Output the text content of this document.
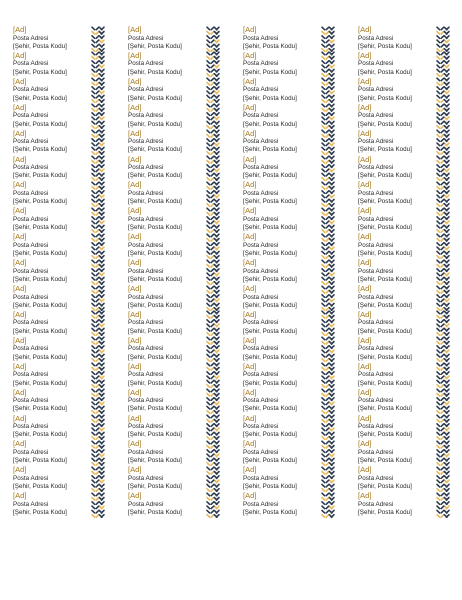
[Ad]
Posta Adresi
[Şehir, Posta Kodu]
[Ad]
Posta Adresi
[Şehir, Posta Kodu]
[Ad]
Posta Adresi
[Şehir, Posta Kodu]
[Ad]
Posta Adresi
[Şehir, Posta Kodu]
[Ad]
Posta Adresi
[Şehir, Posta Kodu]
[Ad]
Posta Adresi
[Şehir, Posta Kodu]
[Ad]
Posta Adresi
[Şehir, Posta Kodu]
[Ad]
Posta Adresi
[Şehir, Posta Kodu]
[Ad]
Posta Adresi
[Şehir, Posta Kodu]
[Ad]
Posta Adresi
[Şehir, Posta Kodu]
[Ad]
Posta Adresi
[Şehir, Posta Kodu]
[Ad]
Posta Adresi
[Şehir, Posta Kodu]
[Ad]
Posta Adresi
[Şehir, Posta Kodu]
[Ad]
Posta Adresi
[Şehir, Posta Kodu]
[Ad]
Posta Adresi
[Şehir, Posta Kodu]
[Ad]
Posta Adresi
[Şehir, Posta Kodu]
[Ad]
Posta Adresi
[Şehir, Posta Kodu]
[Ad]
Posta Adresi
[Şehir, Posta Kodu]
[Ad]
Posta Adresi
[Şehir, Posta Kodu]
[Ad]
Posta Adresi
[Şehir, Posta Kodu]
[Ad]
Posta Adresi
[Şehir, Posta Kodu]
[Ad]
Posta Adresi
[Şehir, Posta Kodu]
[Ad]
Posta Adresi
[Şehir, Posta Kodu]
[Ad]
Posta Adresi
[Şehir, Posta Kodu]
[Ad]
Posta Adresi
[Şehir, Posta Kodu]
[Ad]
Posta Adresi
[Şehir, Posta Kodu]
[Ad]
Posta Adresi
[Şehir, Posta Kodu]
[Ad]
Posta Adresi
[Şehir, Posta Kodu]
[Ad]
Posta Adresi
[Şehir, Posta Kodu]
[Ad]
Posta Adresi
[Şehir, Posta Kodu]
[Ad]
Posta Adresi
[Şehir, Posta Kodu]
[Ad]
Posta Adresi
[Şehir, Posta Kodu]
[Ad]
Posta Adresi
[Şehir, Posta Kodu]
[Ad]
Posta Adresi
[Şehir, Posta Kodu]
[Ad]
Posta Adresi
[Şehir, Posta Kodu]
[Ad]
Posta Adresi
[Şehir, Posta Kodu]
[Ad]
Posta Adresi
[Şehir, Posta Kodu]
[Ad]
Posta Adresi
[Şehir, Posta Kodu]
[Ad]
Posta Adresi
[Şehir, Posta Kodu]
[Ad]
Posta Adresi
[Şehir, Posta Kodu]
[Ad]
Posta Adresi
[Şehir, Posta Kodu]
[Ad]
Posta Adresi
[Şehir, Posta Kodu]
[Ad]
Posta Adresi
[Şehir, Posta Kodu]
[Ad]
Posta Adresi
[Şehir, Posta Kodu]
[Ad]
Posta Adresi
[Şehir, Posta Kodu]
[Ad]
Posta Adresi
[Şehir, Posta Kodu]
[Ad]
Posta Adresi
[Şehir, Posta Kodu]
[Ad]
Posta Adresi
[Şehir, Posta Kodu]
[Ad]
Posta Adresi
[Şehir, Posta Kodu]
[Ad]
Posta Adresi
[Şehir, Posta Kodu]
[Ad]
Posta Adresi
[Şehir, Posta Kodu]
[Ad]
Posta Adresi
[Şehir, Posta Kodu]
[Ad]
Posta Adresi
[Şehir, Posta Kodu]
[Ad]
Posta Adresi
[Şehir, Posta Kodu]
[Ad]
Posta Adresi
[Şehir, Posta Kodu]
[Ad]
Posta Adresi
[Şehir, Posta Kodu]
[Ad]
Posta Adresi
[Şehir, Posta Kodu]
[Ad]
Posta Adresi
[Şehir, Posta Kodu]
[Ad]
Posta Adresi
[Şehir, Posta Kodu]
[Ad]
Posta Adresi
[Şehir, Posta Kodu]
[Ad]
Posta Adresi
[Şehir, Posta Kodu]
[Ad]
Posta Adresi
[Şehir, Posta Kodu]
[Ad]
Posta Adresi
[Şehir, Posta Kodu]
[Ad]
Posta Adresi
[Şehir, Posta Kodu]
[Ad]
Posta Adresi
[Şehir, Posta Kodu]
[Ad]
Posta Adresi
[Şehir, Posta Kodu]
[Ad]
Posta Adresi
[Şehir, Posta Kodu]
[Ad]
Posta Adresi
[Şehir, Posta Kodu]
[Ad]
Posta Adresi
[Şehir, Posta Kodu]
[Ad]
Posta Adresi
[Şehir, Posta Kodu]
[Ad]
Posta Adresi
[Şehir, Posta Kodu]
[Ad]
Posta Adresi
[Şehir, Posta Kodu]
[Ad]
Posta Adresi
[Şehir, Posta Kodu]
[Ad]
Posta Adresi
[Şehir, Posta Kodu]
[Ad]
Posta Adresi
[Şehir, Posta Kodu]
[Ad]
Posta Adresi
[Şehir, Posta Kodu]
